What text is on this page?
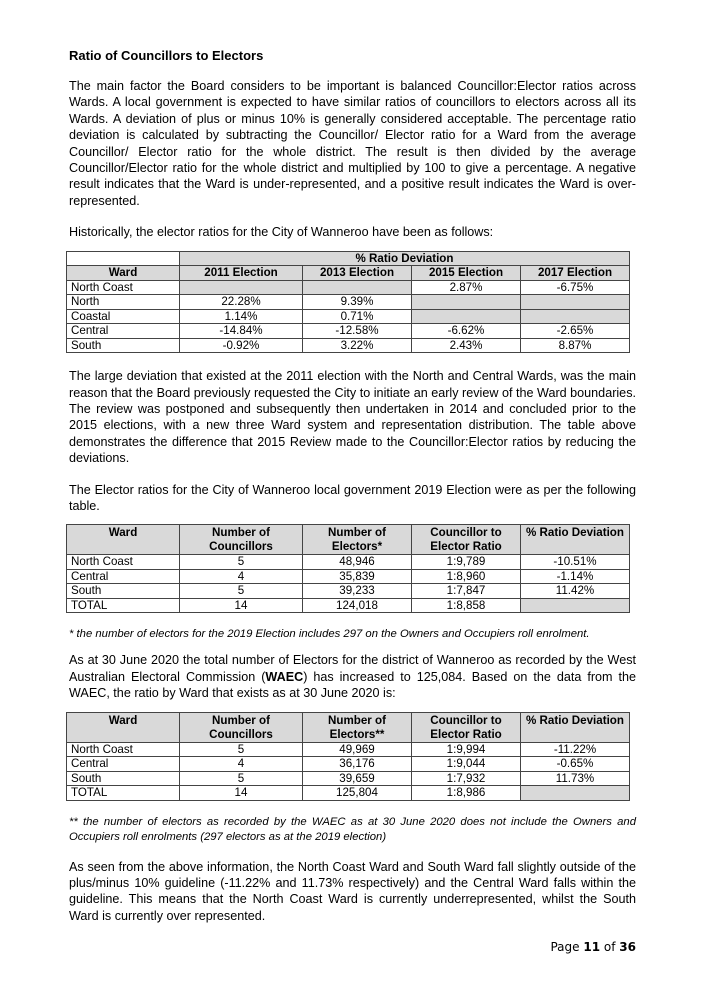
Ratio of Councillors to Electors

The main factor the Board considers to be important is balanced Councillor:Elector ratios across Wards. A local government is expected to have similar ratios of councillors to electors across all its Wards. A deviation of plus or minus 10% is generally considered acceptable. The percentage ratio deviation is calculated by subtracting the Councillor/ Elector ratio for a Ward from the average Councillor/ Elector ratio for the whole district. The result is then divided by the average Councillor/Elector ratio for the whole district and multiplied by 100 to give a percentage. A negative result indicates that the Ward is under-represented, and a positive result indicates the Ward is over-represented.

Historically, the elector ratios for the City of Wanneroo have been as follows:

	% Ratio Deviation			
Ward	2011 Election	2013 Election	2015 Election	2017 Election
North Coast			2.87%	-6.75%
North	22.28%	9.39%		
Coastal	1.14%	0.71%		
Central	-14.84%	-12.58%	-6.62%	-2.65%
South	-0.92%	3.22%	2.43%	8.87%

The large deviation that existed at the 2011 election with the North and Central Wards, was the main reason that the Board previously requested the City to initiate an early review of the Ward boundaries. The review was postponed and subsequently then undertaken in 2014 and concluded prior to the 2015 elections, with a new three Ward system and representation distribution. The table above demonstrates the difference that 2015 Review made to the Councillor:Elector ratios by reducing the deviations.

The Elector ratios for the City of Wanneroo local government 2019 Election were as per the following table.

Ward	Number of Councillors	Number of Electors*	Councillor to Elector Ratio	% Ratio Deviation
North Coast	5	48,946	1:9,789	-10.51%
Central	4	35,839	1:8,960	-1.14%
South	5	39,233	1:7,847	11.42%
TOTAL	14	124,018	1:8,858	

* the number of electors for the 2019 Election includes 297 on the Owners and Occupiers roll enrolment.

As at 30 June 2020 the total number of Electors for the district of Wanneroo as recorded by the West Australian Electoral Commission (WAEC) has increased to 125,084. Based on the data from the WAEC, the ratio by Ward that exists as at 30 June 2020 is:

Ward	Number of Councillors	Number of Electors**	Councillor to Elector Ratio	% Ratio Deviation
North Coast	5	49,969	1:9,994	-11.22%
Central	4	36,176	1:9,044	-0.65%
South	5	39,659	1:7,932	11.73%
TOTAL	14	125,804	1:8,986	

** the number of electors as recorded by the WAEC as at 30 June 2020 does not include the Owners and Occupiers roll enrolments (297 electors as at the 2019 election)

As seen from the above information, the North Coast Ward and South Ward fall slightly outside of the plus/minus 10% guideline (-11.22% and 11.73% respectively) and the Central Ward falls within the guideline. This means that the North Coast Ward is currently underrepresented, whilst the South Ward is currently over represented.

Page 11 of 36
